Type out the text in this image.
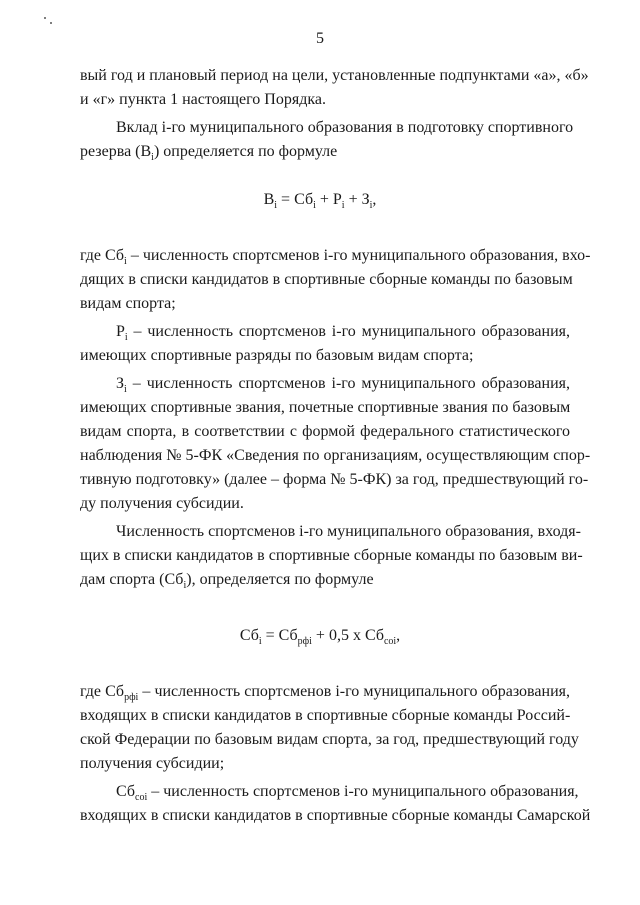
5
вый год и плановый период на цели, установленные подпунктами «а», «б»
и «г» пункта 1 настоящего Порядка.
Вклад i-го муниципального образования в подготовку спортивного
резерва $(В_i)$ определяется по формуле
$В_i = Сб_i + Р_i + З_i$,
где $Сб_i$ – численность спортсменов i-го муниципального образования, вхо-
дящих в списки кандидатов в спортивные сборные команды по базовым
видам спорта;
$Р_i$ – численность спортсменов i-го муниципального образования,
имеющих спортивные разряды по базовым видам спорта;
$З_i$ – численность спортсменов i-го муниципального образования,
имеющих спортивные звания, почетные спортивные звания по базовым
видам спорта, в соответствии с формой федерального статистического
наблюдения № 5-ФК «Сведения по организациям, осуществляющим спор-
тивную подготовку» (далее – форма № 5-ФК) за год, предшествующий го-
ду получения субсидии.
Численность спортсменов i-го муниципального образования, входя-
щих в списки кандидатов в спортивные сборные команды по базовым ви-
дам спорта $(Сб_i)$, определяется по формуле
$Сб_i = Сб_{рфi} + 0,5$ х $Сб_{соi}$,
где $Сб_{рфi}$ – численность спортсменов i-го муниципального образования,
входящих в списки кандидатов в спортивные сборные команды Россий-
ской Федерации по базовым видам спорта, за год, предшествующий году
получения субсидии;
$Сб_{соi}$ – численность спортсменов i-го муниципального образования,
входящих в списки кандидатов в спортивные сборные команды Самарской
